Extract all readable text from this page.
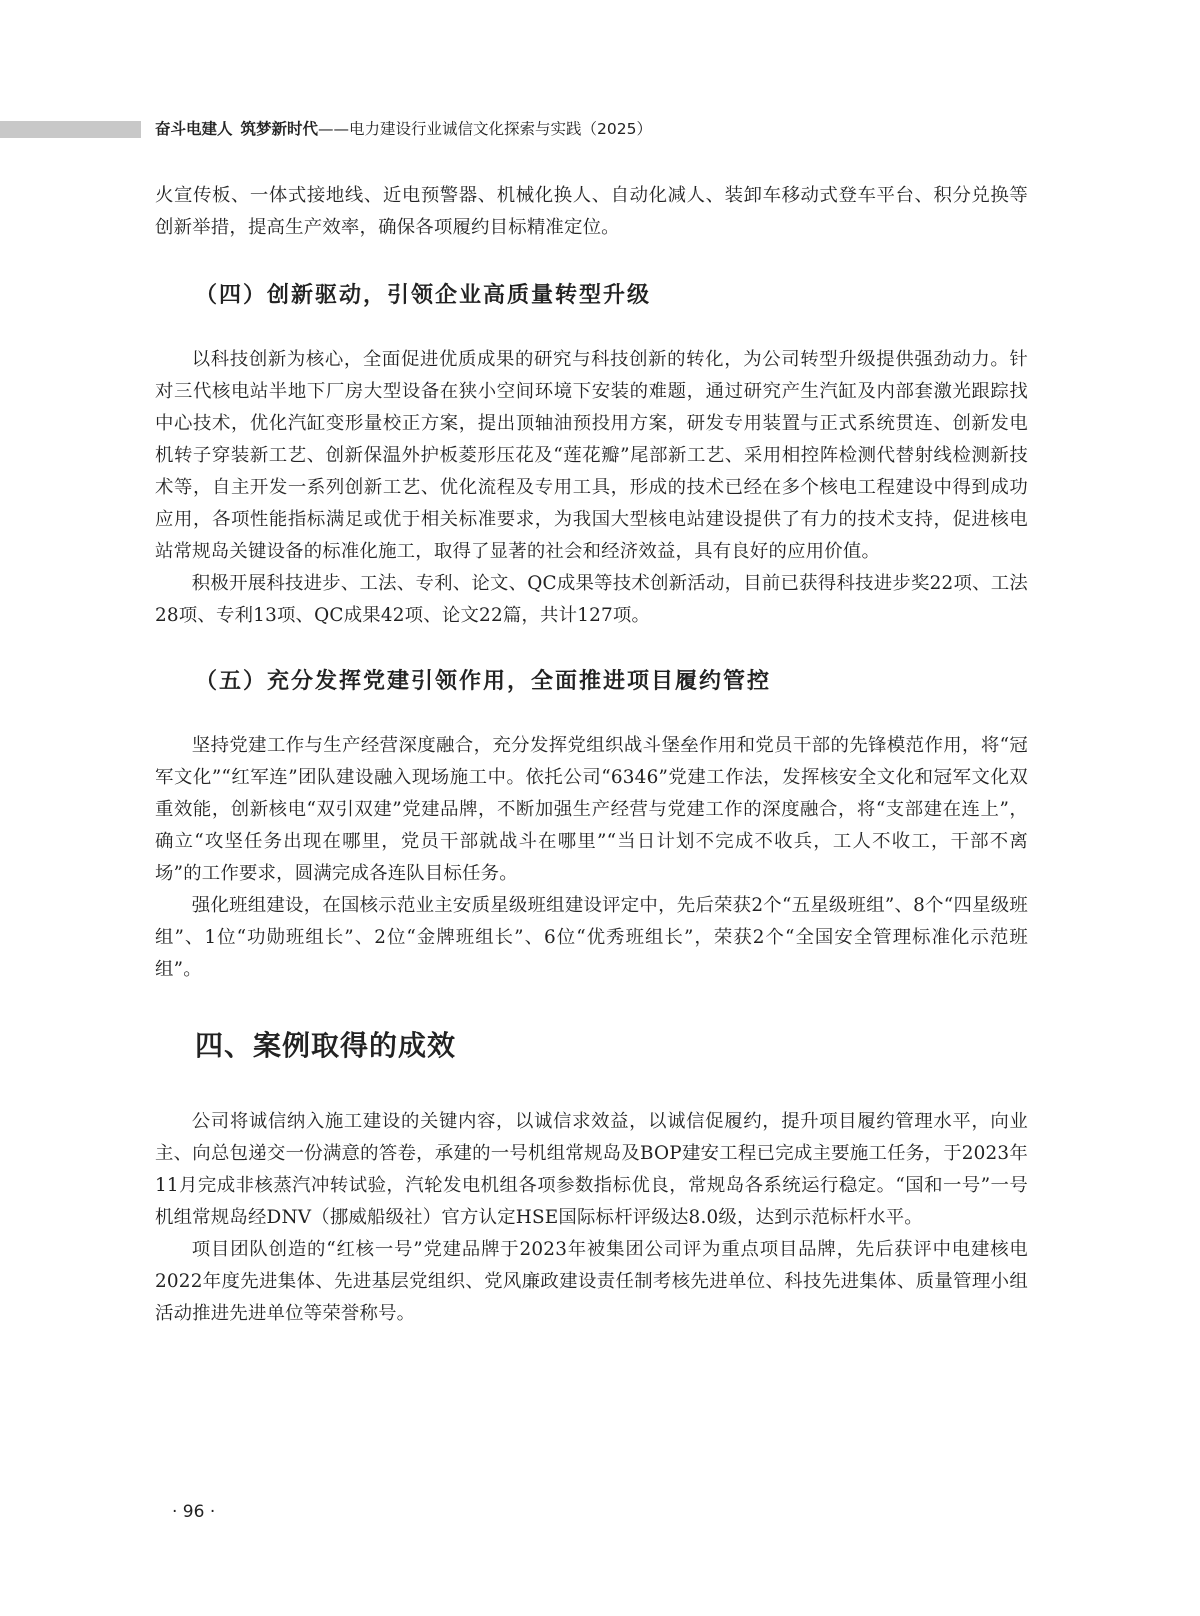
奋斗电建人 筑梦新时代——电力建设行业诚信文化探索与实践（2025）

火宣传板、一体式接地线、近电预警器、机械化换人、自动化减人、装卸车移动式登车平台、积分兑换等创新举措，提高生产效率，确保各项履约目标精准定位。

（四）创新驱动，引领企业高质量转型升级

以科技创新为核心，全面促进优质成果的研究与科技创新的转化，为公司转型升级提供强劲动力。针对三代核电站半地下厂房大型设备在狭小空间环境下安装的难题，通过研究产生汽缸及内部套激光跟踪找中心技术，优化汽缸变形量校正方案，提出顶轴油预投用方案，研发专用装置与正式系统贯连、创新发电机转子穿装新工艺、创新保温外护板菱形压花及“莲花瓣”尾部新工艺、采用相控阵检测代替射线检测新技术等，自主开发一系列创新工艺、优化流程及专用工具，形成的技术已经在多个核电工程建设中得到成功应用，各项性能指标满足或优于相关标准要求，为我国大型核电站建设提供了有力的技术支持，促进核电站常规岛关键设备的标准化施工，取得了显著的社会和经济效益，具有良好的应用价值。

积极开展科技进步、工法、专利、论文、QC成果等技术创新活动，目前已获得科技进步奖22项、工法28项、专利13项、QC成果42项、论文22篇，共计127项。

（五）充分发挥党建引领作用，全面推进项目履约管控

坚持党建工作与生产经营深度融合，充分发挥党组织战斗堡垒作用和党员干部的先锋模范作用，将“冠军文化”“红军连”团队建设融入现场施工中。依托公司“6346”党建工作法，发挥核安全文化和冠军文化双重效能，创新核电“双引双建”党建品牌，不断加强生产经营与党建工作的深度融合，将“支部建在连上”，确立“攻坚任务出现在哪里，党员干部就战斗在哪里”“当日计划不完成不收兵，工人不收工，干部不离场”的工作要求，圆满完成各连队目标任务。

强化班组建设，在国核示范业主安质星级班组建设评定中，先后荣获2个“五星级班组”、8个“四星级班组”、1位“功勋班组长”、2位“金牌班组长”、6位“优秀班组长”，荣获2个“全国安全管理标准化示范班组”。

四、案例取得的成效

公司将诚信纳入施工建设的关键内容，以诚信求效益，以诚信促履约，提升项目履约管理水平，向业主、向总包递交一份满意的答卷，承建的一号机组常规岛及BOP建安工程已完成主要施工任务，于2023年11月完成非核蒸汽冲转试验，汽轮发电机组各项参数指标优良，常规岛各系统运行稳定。“国和一号”一号机组常规岛经DNV（挪威船级社）官方认定HSE国际标杆评级达8.0级，达到示范标杆水平。

项目团队创造的“红核一号”党建品牌于2023年被集团公司评为重点项目品牌，先后获评中电建核电2022年度先进集体、先进基层党组织、党风廉政建设责任制考核先进单位、科技先进集体、质量管理小组活动推进先进单位等荣誉称号。

· 96 ·
